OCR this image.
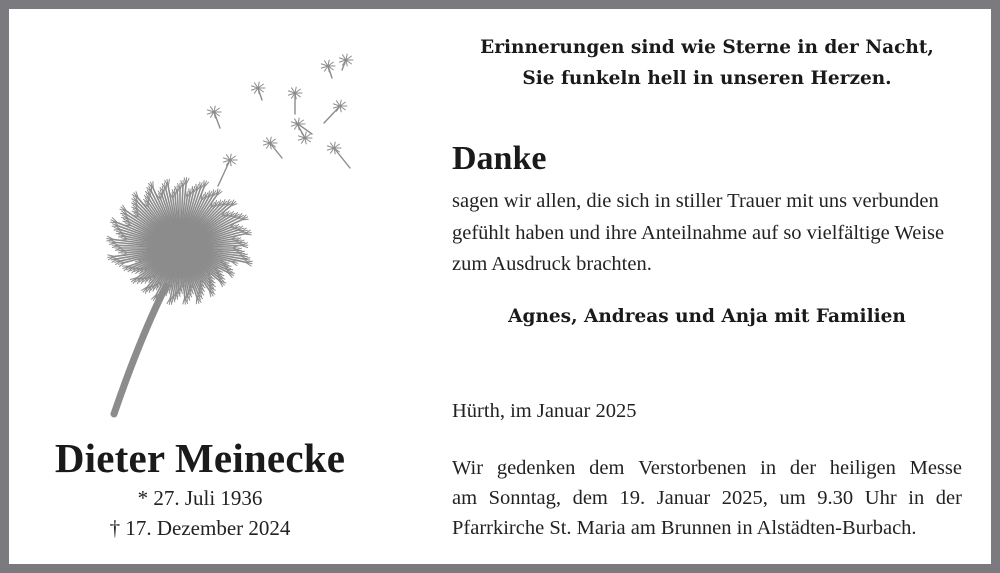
Dieter Meinecke
* 27. Juli 1936
† 17. Dezember 2024
Erinnerungen sind wie Sterne in der Nacht,
Sie funkeln hell in unseren Herzen.
Danke
sagen wir allen, die sich in stiller Trauer mit uns verbunden
gefühlt haben und ihre Anteilnahme auf so vielfältige Weise
zum Ausdruck brachten.
Agnes, Andreas und Anja mit Familien
Hürth, im Januar 2025
Wir gedenken dem Verstorbenen in der heiligen Messe
am Sonntag, dem 19. Januar 2025, um 9.30 Uhr in der
Pfarrkirche St. Maria am Brunnen in Alstädten-Burbach.
